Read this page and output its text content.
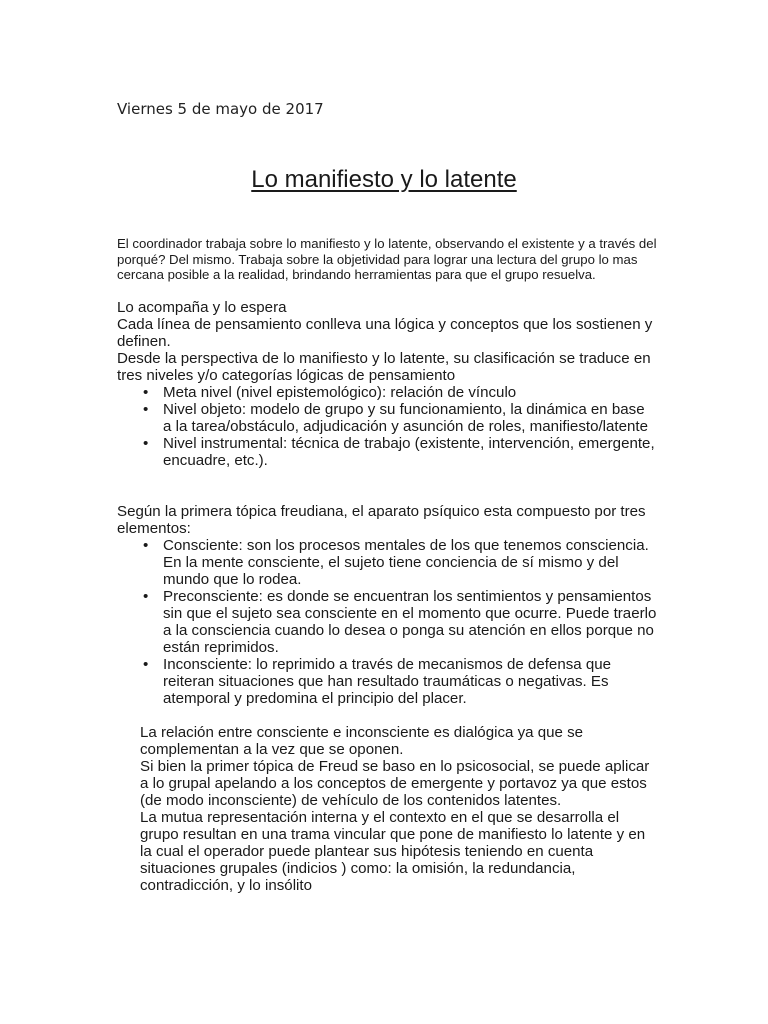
Viernes 5 de mayo de 2017
Lo manifiesto y lo latente

El coordinador trabaja sobre lo manifiesto y lo latente, observando el existente y a través del porqué? Del mismo. Trabaja sobre la objetividad para lograr una lectura del grupo lo mas cercana posible a la realidad, brindando herramientas para que el grupo resuelva.

Lo acompaña y lo espera

Cada línea de pensamiento conlleva una lógica y conceptos que los sostienen y definen.

Desde la perspectiva de lo manifiesto y lo latente, su clasificación se traduce en tres niveles y/o categorías lógicas de pensamiento

• Meta nivel (nivel epistemológico): relación de vínculo
• Nivel objeto: modelo de grupo y su funcionamiento, la dinámica en base a la tarea/obstáculo, adjudicación y asunción de roles, manifiesto/latente
• Nivel instrumental: técnica de trabajo (existente, intervención, emergente, encuadre, etc.).

Según la primera tópica freudiana, el aparato psíquico esta compuesto por tres elementos:

• Consciente: son los procesos mentales de los que tenemos consciencia. En la mente consciente, el sujeto tiene conciencia de sí mismo y del mundo que lo rodea.
• Preconsciente: es donde se encuentran los sentimientos y pensamientos sin que el sujeto sea consciente en el momento que ocurre. Puede traerlo a la consciencia cuando lo desea o ponga su atención en ellos porque no están reprimidos.
• Inconsciente: lo reprimido a través de mecanismos de defensa que reiteran situaciones que han resultado traumáticas o negativas. Es atemporal y predomina el principio del placer.

La relación entre consciente e inconsciente es dialógica ya que se complementan a la vez que se oponen.

Si bien la primer tópica de Freud se baso en lo psicosocial, se puede aplicar a lo grupal apelando a los conceptos de emergente y portavoz ya que estos (de modo inconsciente) de vehículo de los contenidos latentes.

La mutua representación interna y el contexto en el que se desarrolla el grupo resultan en una trama vincular que pone de manifiesto lo latente y en la cual el operador puede plantear sus hipótesis teniendo en cuenta situaciones grupales (indicios ) como: la omisión, la redundancia, contradicción, y lo insólito
